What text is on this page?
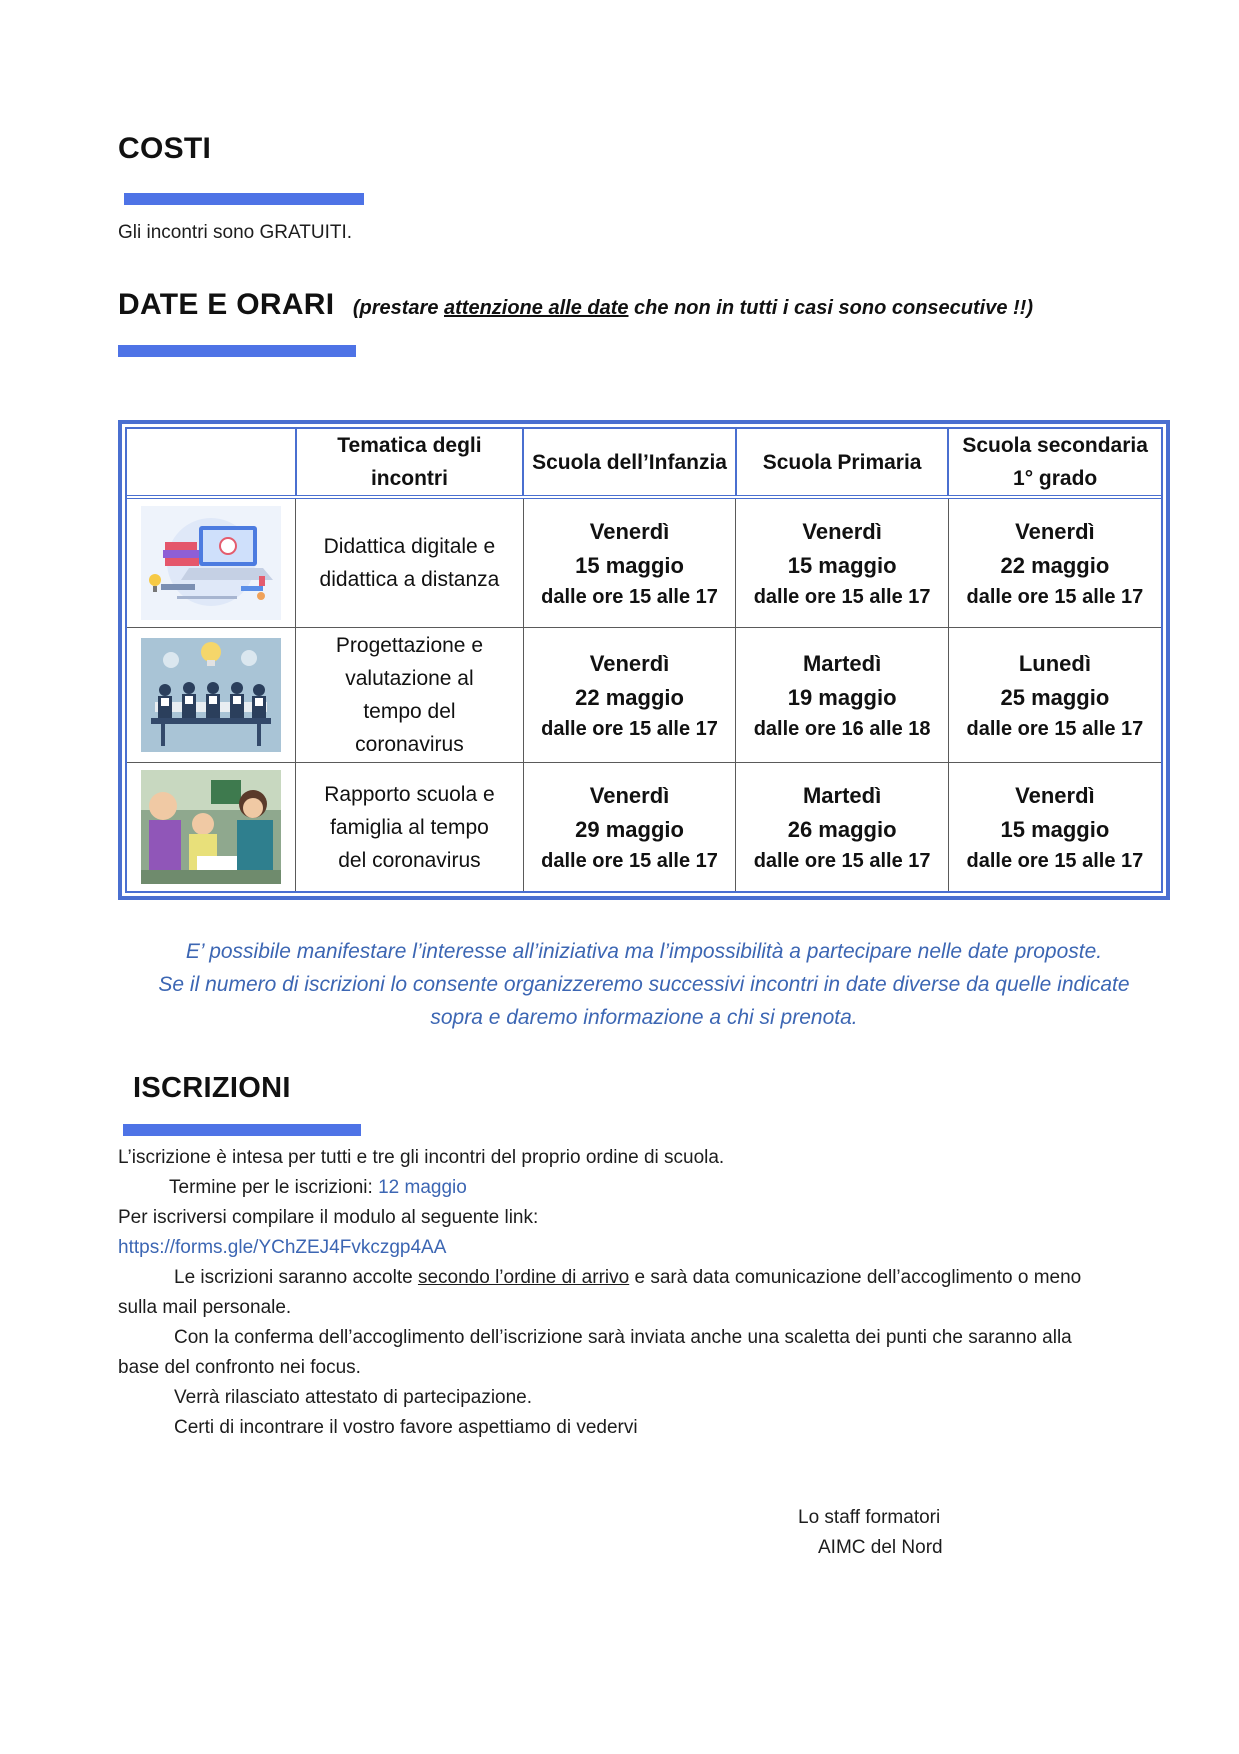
COSTI
Gli incontri sono GRATUITI.
DATE E ORARI (prestare attenzione alle date che non in tutti i casi sono consecutive !!)
	Tematica degli incontri	Scuola dell’Infanzia	Scuola Primaria	Scuola secondaria 1° grado

Didattica digitale e didattica a distanza	Venerdì
15 maggio
dalle ore 15 alle 17	Venerdì
15 maggio
dalle ore 15 alle 17	Venerdì
22 maggio
dalle ore 15 alle 17

Progettazione e valutazione al tempo del coronavirus	Venerdì
22 maggio
dalle ore 15 alle 17	Martedì
19 maggio
dalle ore 16 alle 18	Lunedì
25 maggio
dalle ore 15 alle 17

Rapporto scuola e famiglia al tempo del coronavirus	Venerdì
29 maggio
dalle ore 15 alle 17	Martedì
26 maggio
dalle ore 15 alle 17	Venerdì
15 maggio
dalle ore 15 alle 17
E’ possibile manifestare l’interesse all’iniziativa ma l’impossibilità a partecipare nelle date proposte.
Se il numero di iscrizioni lo consente organizzeremo successivi incontri in date diverse da quelle indicate
sopra e daremo informazione a chi si prenota.
ISCRIZIONI
L’iscrizione è intesa per tutti e tre gli incontri del proprio ordine di scuola.
Termine per le iscrizioni: 12 maggio
Per iscriversi compilare il modulo al seguente link:
https://forms.gle/YChZEJ4Fvkczgp4AA
Le iscrizioni saranno accolte secondo l’ordine di arrivo e sarà data comunicazione dell’accoglimento o meno
sulla mail personale.
Con la conferma dell’accoglimento dell’iscrizione sarà inviata anche una scaletta dei punti che saranno alla
base del confronto nei focus.
Verrà rilasciato attestato di partecipazione.
Certi di incontrare il vostro favore aspettiamo di vedervi
Lo staff formatori
AIMC del Nord
